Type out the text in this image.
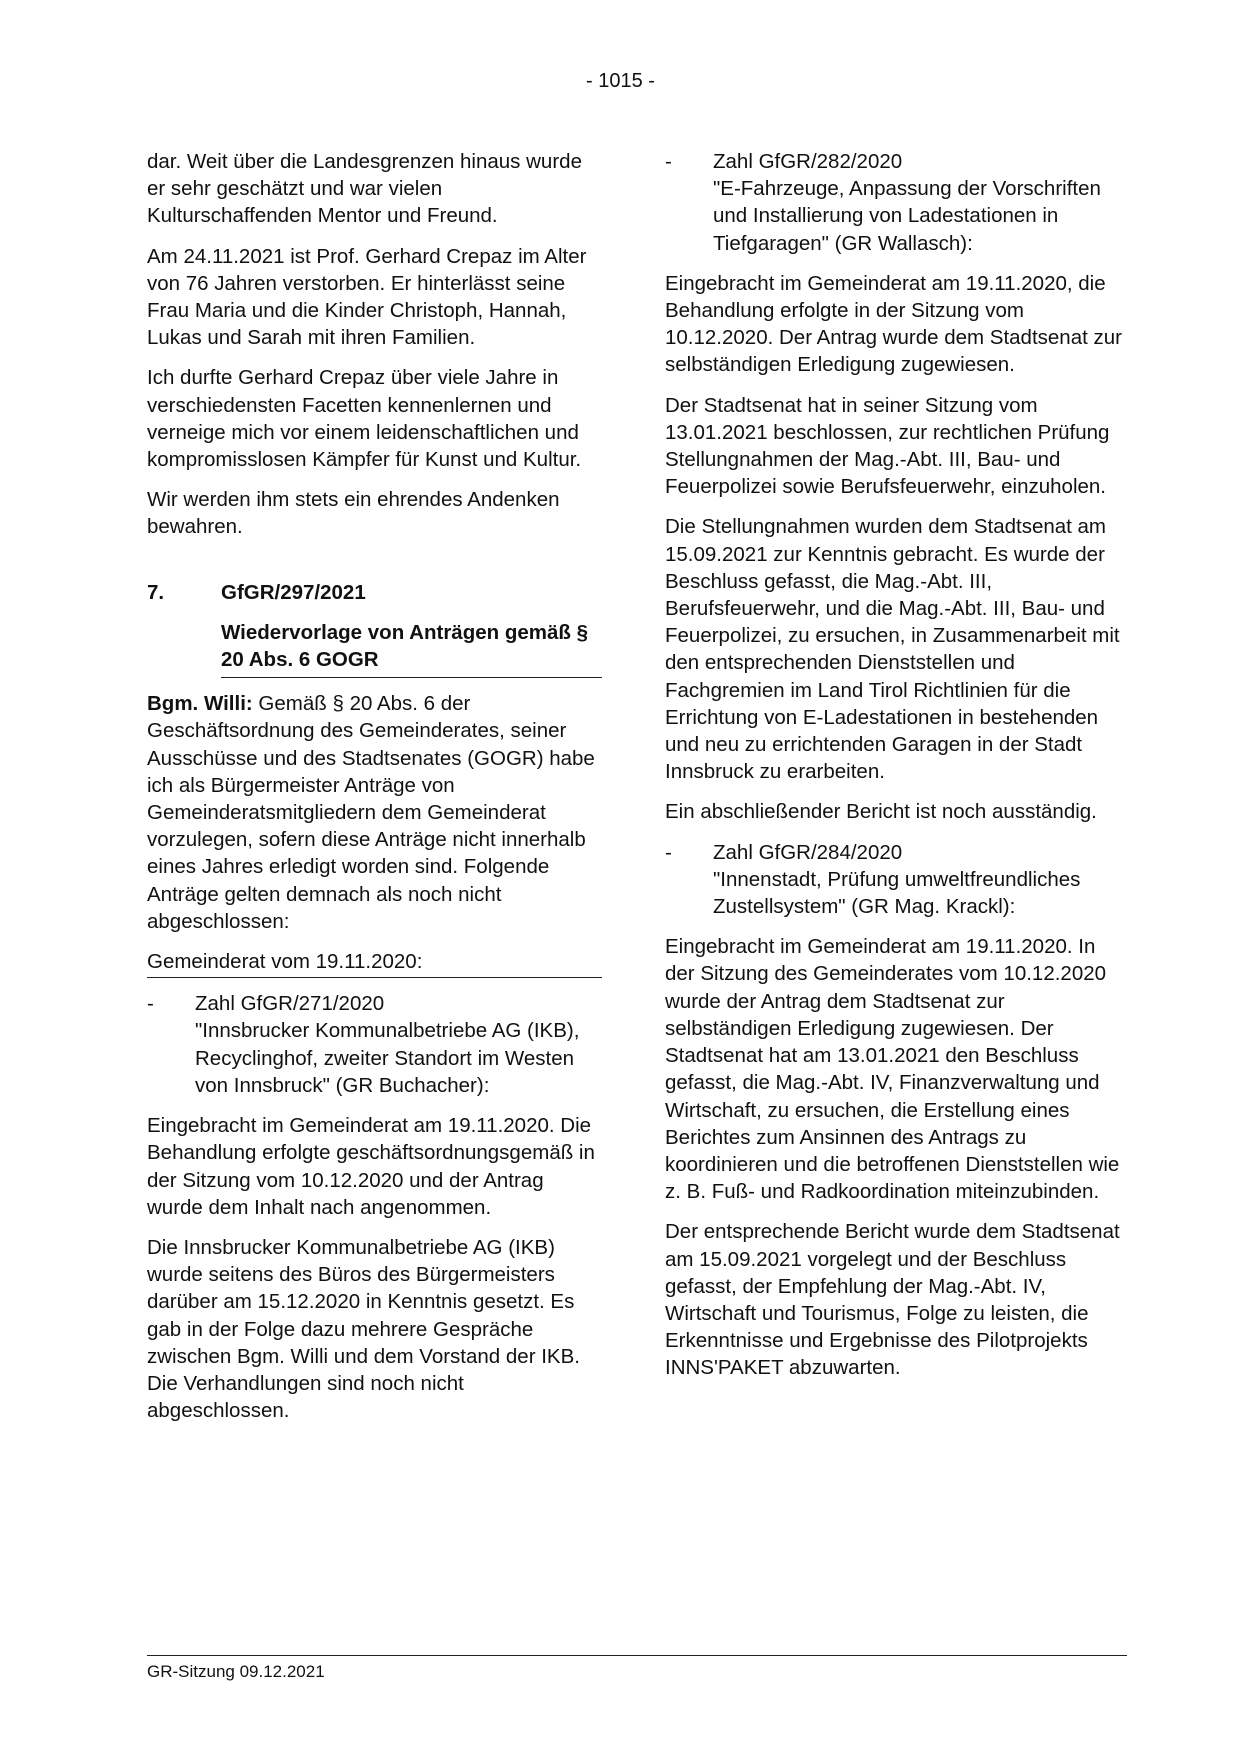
- 1015 -

dar. Weit über die Landesgrenzen hinaus wurde er sehr geschätzt und war vielen Kulturschaffenden Mentor und Freund.

Am 24.11.2021 ist Prof. Gerhard Crepaz im Alter von 76 Jahren verstorben. Er hinterlässt seine Frau Maria und die Kinder Christoph, Hannah, Lukas und Sarah mit ihren Familien.

Ich durfte Gerhard Crepaz über viele Jahre in verschiedensten Facetten kennenlernen und verneige mich vor einem leidenschaftlichen und kompromisslosen Kämpfer für Kunst und Kultur.

Wir werden ihm stets ein ehrendes Andenken bewahren.

7.	GfGR/297/2021
Wiedervorlage von Anträgen gemäß § 20 Abs. 6 GOGR

Bgm. Willi: Gemäß § 20 Abs. 6 der Geschäftsordnung des Gemeinderates, seiner Ausschüsse und des Stadtsenates (GOGR) habe ich als Bürgermeister Anträge von Gemeinderatsmitgliedern dem Gemeinderat vorzulegen, sofern diese Anträge nicht innerhalb eines Jahres erledigt worden sind. Folgende Anträge gelten demnach als noch nicht abgeschlossen:

Gemeinderat vom 19.11.2020:
-	Zahl GfGR/271/2020
"Innsbrucker Kommunalbetriebe AG (IKB), Recyclinghof, zweiter Standort im Westen von Innsbruck" (GR Buchacher):

Eingebracht im Gemeinderat am 19.11.2020. Die Behandlung erfolgte geschäftsordnungsgemäß in der Sitzung vom 10.12.2020 und der Antrag wurde dem Inhalt nach angenommen.

Die Innsbrucker Kommunalbetriebe AG (IKB) wurde seitens des Büros des Bürgermeisters darüber am 15.12.2020 in Kenntnis gesetzt. Es gab in der Folge dazu mehrere Gespräche zwischen Bgm. Willi und dem Vorstand der IKB. Die Verhandlungen sind noch nicht abgeschlossen.

-	Zahl GfGR/282/2020
"E-Fahrzeuge, Anpassung der Vorschriften und Installierung von Ladestationen in Tiefgaragen" (GR Wallasch):

Eingebracht im Gemeinderat am 19.11.2020, die Behandlung erfolgte in der Sitzung vom 10.12.2020. Der Antrag wurde dem Stadtsenat zur selbständigen Erledigung zugewiesen.

Der Stadtsenat hat in seiner Sitzung vom 13.01.2021 beschlossen, zur rechtlichen Prüfung Stellungnahmen der Mag.-Abt. III, Bau- und Feuerpolizei sowie Berufsfeuerwehr, einzuholen.

Die Stellungnahmen wurden dem Stadtsenat am 15.09.2021 zur Kenntnis gebracht. Es wurde der Beschluss gefasst, die Mag.-Abt. III, Berufsfeuerwehr, und die Mag.-Abt. III, Bau- und Feuerpolizei, zu ersuchen, in Zusammenarbeit mit den entsprechenden Dienststellen und Fachgremien im Land Tirol Richtlinien für die Errichtung von E-Ladestationen in bestehenden und neu zu errichtenden Garagen in der Stadt Innsbruck zu erarbeiten.

Ein abschließender Bericht ist noch ausständig.

-	Zahl GfGR/284/2020
"Innenstadt, Prüfung umweltfreundliches Zustellsystem" (GR Mag. Krackl):

Eingebracht im Gemeinderat am 19.11.2020. In der Sitzung des Gemeinderates vom 10.12.2020 wurde der Antrag dem Stadtsenat zur selbständigen Erledigung zugewiesen. Der Stadtsenat hat am 13.01.2021 den Beschluss gefasst, die Mag.-Abt. IV, Finanzverwaltung und Wirtschaft, zu ersuchen, die Erstellung eines Berichtes zum Ansinnen des Antrags zu koordinieren und die betroffenen Dienststellen wie z. B. Fuß- und Radkoordination miteinzubinden.

Der entsprechende Bericht wurde dem Stadtsenat am 15.09.2021 vorgelegt und der Beschluss gefasst, der Empfehlung der Mag.-Abt. IV, Wirtschaft und Tourismus, Folge zu leisten, die Erkenntnisse und Ergebnisse des Pilotprojekts INNS'PAKET abzuwarten.

GR-Sitzung 09.12.2021
